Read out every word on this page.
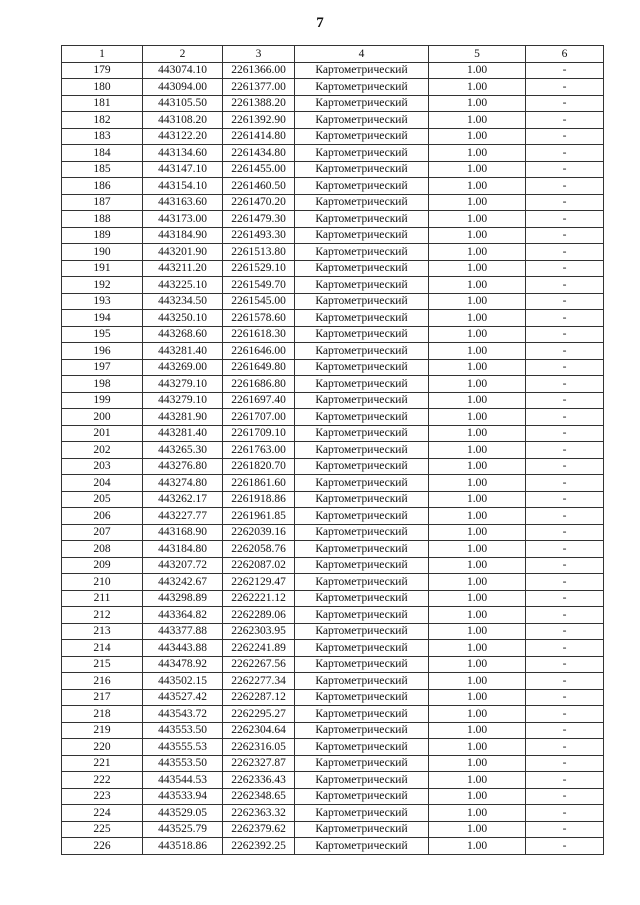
7
1	2	3	4	5	6
179	443074.10	2261366.00	Картометрический	1.00	-
180	443094.00	2261377.00	Картометрический	1.00	-
181	443105.50	2261388.20	Картометрический	1.00	-
182	443108.20	2261392.90	Картометрический	1.00	-
183	443122.20	2261414.80	Картометрический	1.00	-
184	443134.60	2261434.80	Картометрический	1.00	-
185	443147.10	2261455.00	Картометрический	1.00	-
186	443154.10	2261460.50	Картометрический	1.00	-
187	443163.60	2261470.20	Картометрический	1.00	-
188	443173.00	2261479.30	Картометрический	1.00	-
189	443184.90	2261493.30	Картометрический	1.00	-
190	443201.90	2261513.80	Картометрический	1.00	-
191	443211.20	2261529.10	Картометрический	1.00	-
192	443225.10	2261549.70	Картометрический	1.00	-
193	443234.50	2261545.00	Картометрический	1.00	-
194	443250.10	2261578.60	Картометрический	1.00	-
195	443268.60	2261618.30	Картометрический	1.00	-
196	443281.40	2261646.00	Картометрический	1.00	-
197	443269.00	2261649.80	Картометрический	1.00	-
198	443279.10	2261686.80	Картометрический	1.00	-
199	443279.10	2261697.40	Картометрический	1.00	-
200	443281.90	2261707.00	Картометрический	1.00	-
201	443281.40	2261709.10	Картометрический	1.00	-
202	443265.30	2261763.00	Картометрический	1.00	-
203	443276.80	2261820.70	Картометрический	1.00	-
204	443274.80	2261861.60	Картометрический	1.00	-
205	443262.17	2261918.86	Картометрический	1.00	-
206	443227.77	2261961.85	Картометрический	1.00	-
207	443168.90	2262039.16	Картометрический	1.00	-
208	443184.80	2262058.76	Картометрический	1.00	-
209	443207.72	2262087.02	Картометрический	1.00	-
210	443242.67	2262129.47	Картометрический	1.00	-
211	443298.89	2262221.12	Картометрический	1.00	-
212	443364.82	2262289.06	Картометрический	1.00	-
213	443377.88	2262303.95	Картометрический	1.00	-
214	443443.88	2262241.89	Картометрический	1.00	-
215	443478.92	2262267.56	Картометрический	1.00	-
216	443502.15	2262277.34	Картометрический	1.00	-
217	443527.42	2262287.12	Картометрический	1.00	-
218	443543.72	2262295.27	Картометрический	1.00	-
219	443553.50	2262304.64	Картометрический	1.00	-
220	443555.53	2262316.05	Картометрический	1.00	-
221	443553.50	2262327.87	Картометрический	1.00	-
222	443544.53	2262336.43	Картометрический	1.00	-
223	443533.94	2262348.65	Картометрический	1.00	-
224	443529.05	2262363.32	Картометрический	1.00	-
225	443525.79	2262379.62	Картометрический	1.00	-
226	443518.86	2262392.25	Картометрический	1.00	-
